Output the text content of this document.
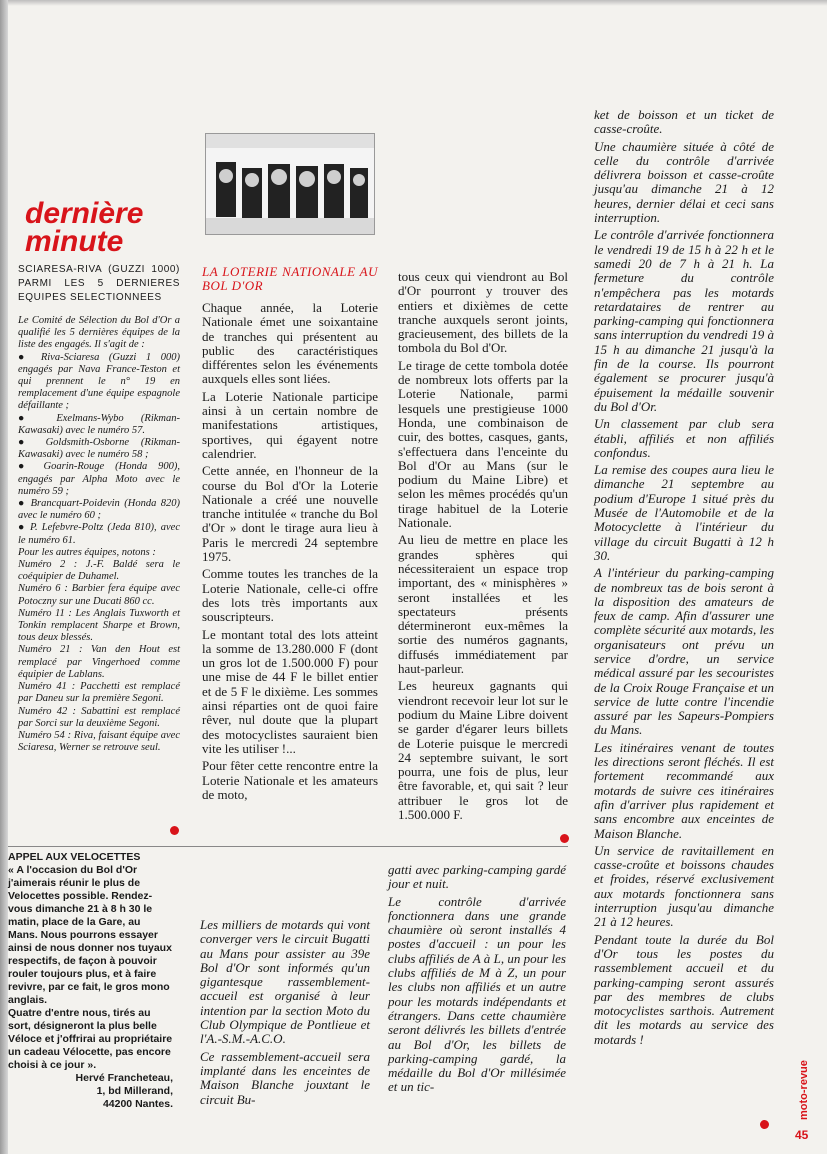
dernière
minute
SCIARESA-RIVA (GUZZI 1000) PARMI LES 5 DERNIERES EQUIPES SELECTIONNEES

Le Comité de Sélection du Bol d'Or a qualifié les 5 dernières équipes de la liste des engagés. Il s'agit de :

● Riva-Sciaresa (Guzzi 1 000) engagés par Nava France-Teston et qui prennent le n° 19 en remplacement d'une équipe espagnole défaillante ;

● Exelmans-Wybo (Rikman-Kawasaki) avec le numéro 57.

● Goldsmith-Osborne (Rikman-Kawasaki) avec le numéro 58 ;

● Goarin-Rouge (Honda 900), engagés par Alpha Moto avec le numéro 59 ;

● Brancquart-Poidevin (Honda 820) avec le numéro 60 ;

● P. Lefebvre-Poltz (Jeda 810), avec le numéro 61.

Pour les autres équipes, notons :

Numéro 2 : J.-F. Baldé sera le coéquipier de Duhamel.

Numéro 6 : Barbier fera équipe avec Potoczny sur une Ducati 860 cc.

Numéro 11 : Les Anglais Tuxworth et Tonkin remplacent Sharpe et Brown, tous deux blessés.

Numéro 21 : Van den Hout est remplacé par Vingerhoed comme équipier de Lablans.

Numéro 41 : Pacchetti est remplacé par Daneu sur la première Segoni.

Numéro 42 : Sabattini est remplacé par Sorci sur la deuxième Segoni.

Numéro 54 : Riva, faisant équipe avec Sciaresa, Werner se retrouve seul.

LA LOTERIE NATIONALE AU BOL D'OR

Chaque année, la Loterie Nationale émet une soixantaine de tranches qui présentent au public des caractéristiques différentes selon les événements auxquels elles sont liées.

La Loterie Nationale participe ainsi à un certain nombre de manifestations artistiques, sportives, qui égayent notre calendrier.

Cette année, en l'honneur de la course du Bol d'Or la Loterie Nationale a créé une nouvelle tranche intitulée « tranche du Bol d'Or » dont le tirage aura lieu à Paris le mercredi 24 septembre 1975.

Comme toutes les tranches de la Loterie Nationale, celle-ci offre des lots très importants aux souscripteurs.

Le montant total des lots atteint la somme de 13.280.000 F (dont un gros lot de 1.500.000 F) pour une mise de 44 F le billet entier et de 5 F le dixième. Les sommes ainsi réparties ont de quoi faire rêver, nul doute que la plupart des motocyclistes sauraient bien vite les utiliser !...

Pour fêter cette rencontre entre la Loterie Nationale et les amateurs de moto,

tous ceux qui viendront au Bol d'Or pourront y trouver des entiers et dixièmes de cette tranche auxquels seront joints, gracieusement, des billets de la tombola du Bol d'Or.

Le tirage de cette tombola dotée de nombreux lots offerts par la Loterie Nationale, parmi lesquels une prestigieuse 1000 Honda, une combinaison de cuir, des bottes, casques, gants, s'effectuera dans l'enceinte du Bol d'Or au Mans (sur le podium du Maine Libre) et selon les mêmes procédés qu'un tirage habituel de la Loterie Nationale.

Au lieu de mettre en place les grandes sphères qui nécessiteraient un espace trop important, des « minisphères » seront installées et les spectateurs présents détermineront eux-mêmes la sortie des numéros gagnants, diffusés immédiatement par haut-parleur.

Les heureux gagnants qui viendront recevoir leur lot sur le podium du Maine Libre doivent se garder d'égarer leurs billets de Loterie puisque le mercredi 24 septembre suivant, le sort pourra, une fois de plus, leur être favorable, et, qui sait ? leur attribuer le gros lot de 1.500.000 F.

ket de boisson et un ticket de casse-croûte.

Une chaumière située à côté de celle du contrôle d'arrivée délivrera boisson et casse-croûte jusqu'au dimanche 21 à 12 heures, dernier délai et ceci sans interruption.

Le contrôle d'arrivée fonctionnera le vendredi 19 de 15 h à 22 h et le samedi 20 de 7 h à 21 h. La fermeture du contrôle n'empêchera pas les motards retardataires de rentrer au parking-camping qui fonctionnera sans interruption du vendredi 19 à 15 h au dimanche 21 jusqu'à la fin de la course. Ils pourront également se procurer jusqu'à épuisement la médaille souvenir du Bol d'Or.

Un classement par club sera établi, affiliés et non affiliés confondus.

La remise des coupes aura lieu le dimanche 21 septembre au podium d'Europe 1 situé près du Musée de l'Automobile et de la Motocyclette à l'intérieur du village du circuit Bugatti à 12 h 30.

A l'intérieur du parking-camping de nombreux tas de bois seront à la disposition des amateurs de feux de camp. Afin d'assurer une complète sécurité aux motards, les organisateurs ont prévu un service d'ordre, un service médical assuré par les secouristes de la Croix Rouge Française et un service de lutte contre l'incendie assuré par les Sapeurs-Pompiers du Mans.

Les itinéraires venant de toutes les directions seront fléchés. Il est fortement recommandé aux motards de suivre ces itinéraires afin d'arriver plus rapidement et sans encombre aux enceintes de Maison Blanche.

Un service de ravitaillement en casse-croûte et boissons chaudes et froides, réservé exclusivement aux motards fonctionnera sans interruption jusqu'au dimanche 21 à 12 heures.

Pendant toute la durée du Bol d'Or tous les postes du rassemblement accueil et du parking-camping seront assurés par des membres de clubs motocyclistes sarthois. Autrement dit les motards au service des motards !

APPEL AUX VELOCETTES
« A l'occasion du Bol d'Or j'aimerais réunir le plus de Velocettes possible. Rendez-vous dimanche 21 à 8 h 30 le matin, place de la Gare, au Mans. Nous pourrons essayer ainsi de nous donner nos tuyaux respectifs, de façon à pouvoir rouler toujours plus, et à faire revivre, par ce fait, le gros mono anglais.
Quatre d'entre nous, tirés au sort, désigneront la plus belle Véloce et j'offrirai au propriétaire un cadeau Vélocette, pas encore choisi à ce jour ».
Hervé Francheteau,
1, bd Millerand,
44200 Nantes.

Les milliers de motards qui vont converger vers le circuit Bugatti au Mans pour assister au 39e Bol d'Or sont informés qu'un gigantesque rassemblement-accueil est organisé à leur intention par la section Moto du Club Olympique de Pontlieue et l'A.-S.M.-A.C.O.

Ce rassemblement-accueil sera implanté dans les enceintes de Maison Blanche jouxtant le circuit Bu-

gatti avec parking-camping gardé jour et nuit.

Le contrôle d'arrivée fonctionnera dans une grande chaumière où seront installés 4 postes d'accueil : un pour les clubs affiliés de A à L, un pour les clubs affiliés de M à Z, un pour les clubs non affiliés et un autre pour les motards indépendants et étrangers. Dans cette chaumière seront délivrés les billets d'entrée au Bol d'Or, les billets de parking-camping gardé, la médaille du Bol d'Or millésimée et un tic-	moto-revue
45
